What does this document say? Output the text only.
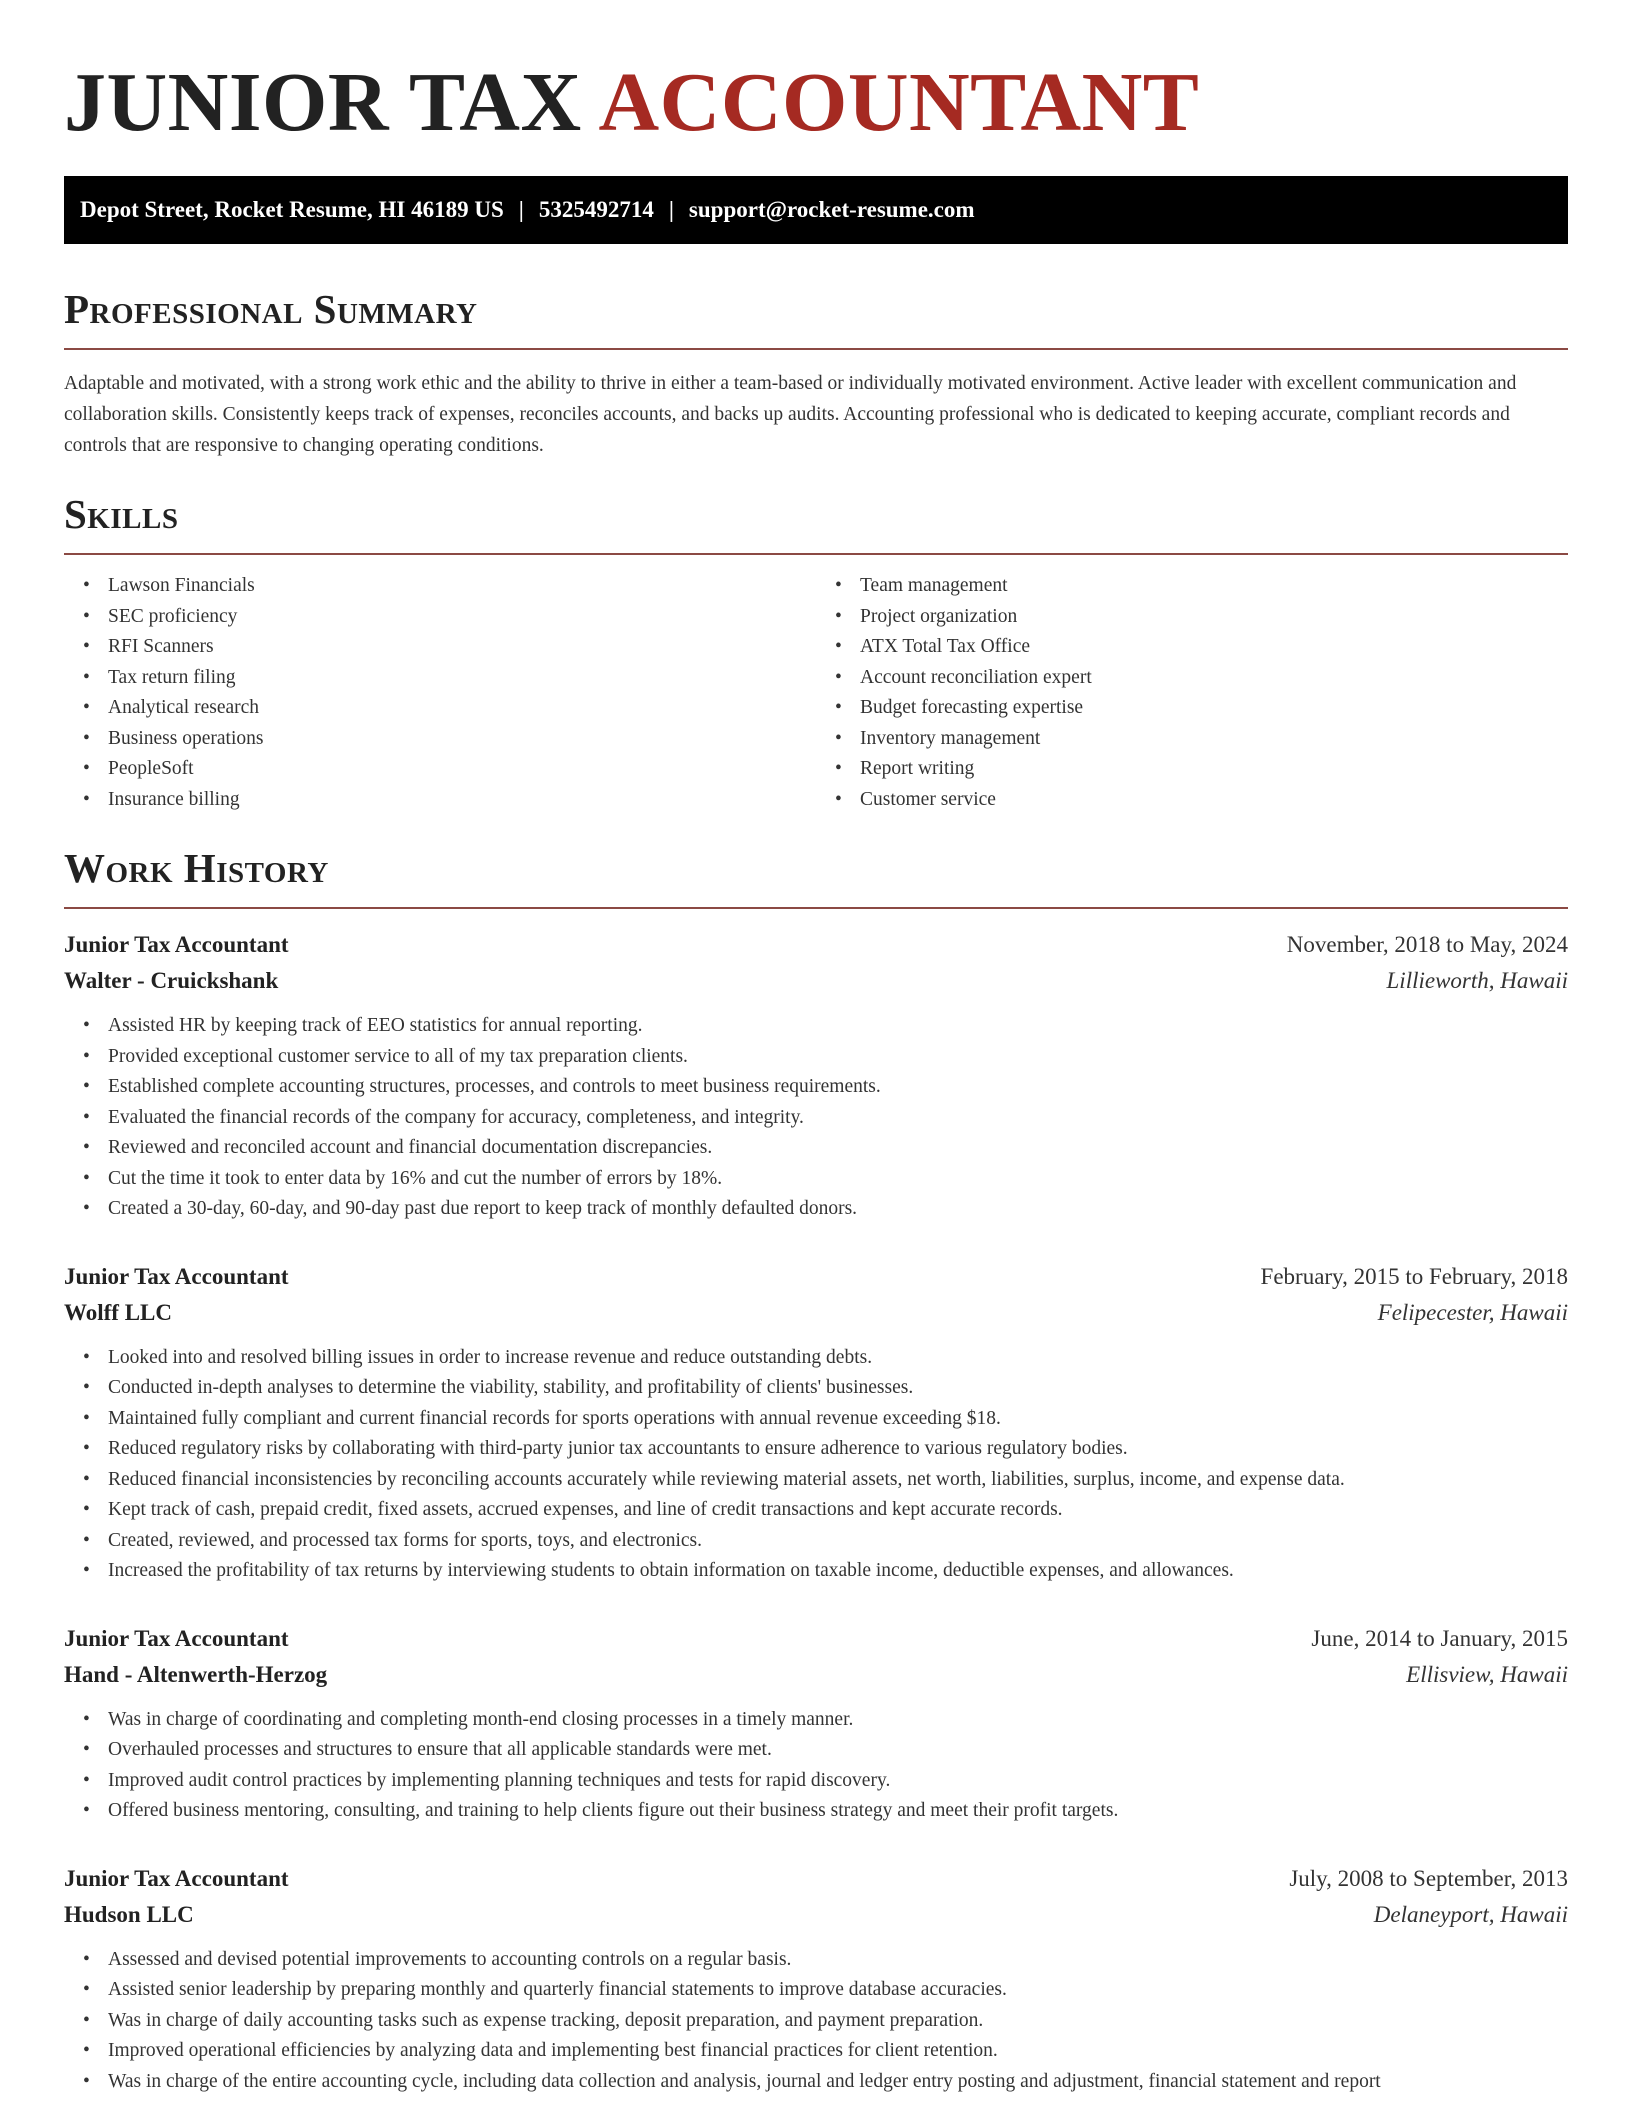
JUNIOR TAX ACCOUNTANT
Depot Street, Rocket Resume, HI 46189 US | 5325492714 | support@rocket-resume.com
Professional Summary

Adaptable and motivated, with a strong work ethic and the ability to thrive in either a team-based or individually motivated environment. Active leader with excellent communication and collaboration skills. Consistently keeps track of expenses, reconciles accounts, and backs up audits. Accounting professional who is dedicated to keeping accurate, compliant records and controls that are responsive to changing operating conditions.

Skills
• Lawson Financials
• SEC proficiency
• RFI Scanners
• Tax return filing
• Analytical research
• Business operations
• PeopleSoft
• Insurance billing
• Team management
• Project organization
• ATX Total Tax Office
• Account reconciliation expert
• Budget forecasting expertise
• Inventory management
• Report writing
• Customer service
Work History
Junior Tax Accountant	November, 2018 to May, 2024
Walter - Cruickshank	Lillieworth, Hawaii
• Assisted HR by keeping track of EEO statistics for annual reporting.
• Provided exceptional customer service to all of my tax preparation clients.
• Established complete accounting structures, processes, and controls to meet business requirements.
• Evaluated the financial records of the company for accuracy, completeness, and integrity.
• Reviewed and reconciled account and financial documentation discrepancies.
• Cut the time it took to enter data by 16% and cut the number of errors by 18%.
• Created a 30-day, 60-day, and 90-day past due report to keep track of monthly defaulted donors.
Junior Tax Accountant	February, 2015 to February, 2018
Wolff LLC	Felipecester, Hawaii
• Looked into and resolved billing issues in order to increase revenue and reduce outstanding debts.
• Conducted in-depth analyses to determine the viability, stability, and profitability of clients' businesses.
• Maintained fully compliant and current financial records for sports operations with annual revenue exceeding $18.
• Reduced regulatory risks by collaborating with third-party junior tax accountants to ensure adherence to various regulatory bodies.
• Reduced financial inconsistencies by reconciling accounts accurately while reviewing material assets, net worth, liabilities, surplus, income, and expense data.
• Kept track of cash, prepaid credit, fixed assets, accrued expenses, and line of credit transactions and kept accurate records.
• Created, reviewed, and processed tax forms for sports, toys, and electronics.
• Increased the profitability of tax returns by interviewing students to obtain information on taxable income, deductible expenses, and allowances.
Junior Tax Accountant	June, 2014 to January, 2015
Hand - Altenwerth-Herzog	Ellisview, Hawaii
• Was in charge of coordinating and completing month-end closing processes in a timely manner.
• Overhauled processes and structures to ensure that all applicable standards were met.
• Improved audit control practices by implementing planning techniques and tests for rapid discovery.
• Offered business mentoring, consulting, and training to help clients figure out their business strategy and meet their profit targets.
Junior Tax Accountant	July, 2008 to September, 2013
Hudson LLC	Delaneyport, Hawaii
• Assessed and devised potential improvements to accounting controls on a regular basis.
• Assisted senior leadership by preparing monthly and quarterly financial statements to improve database accuracies.
• Was in charge of daily accounting tasks such as expense tracking, deposit preparation, and payment preparation.
• Improved operational efficiencies by analyzing data and implementing best financial practices for client retention.
• Was in charge of the entire accounting cycle, including data collection and analysis, journal and ledger entry posting and adjustment, financial statement and report
